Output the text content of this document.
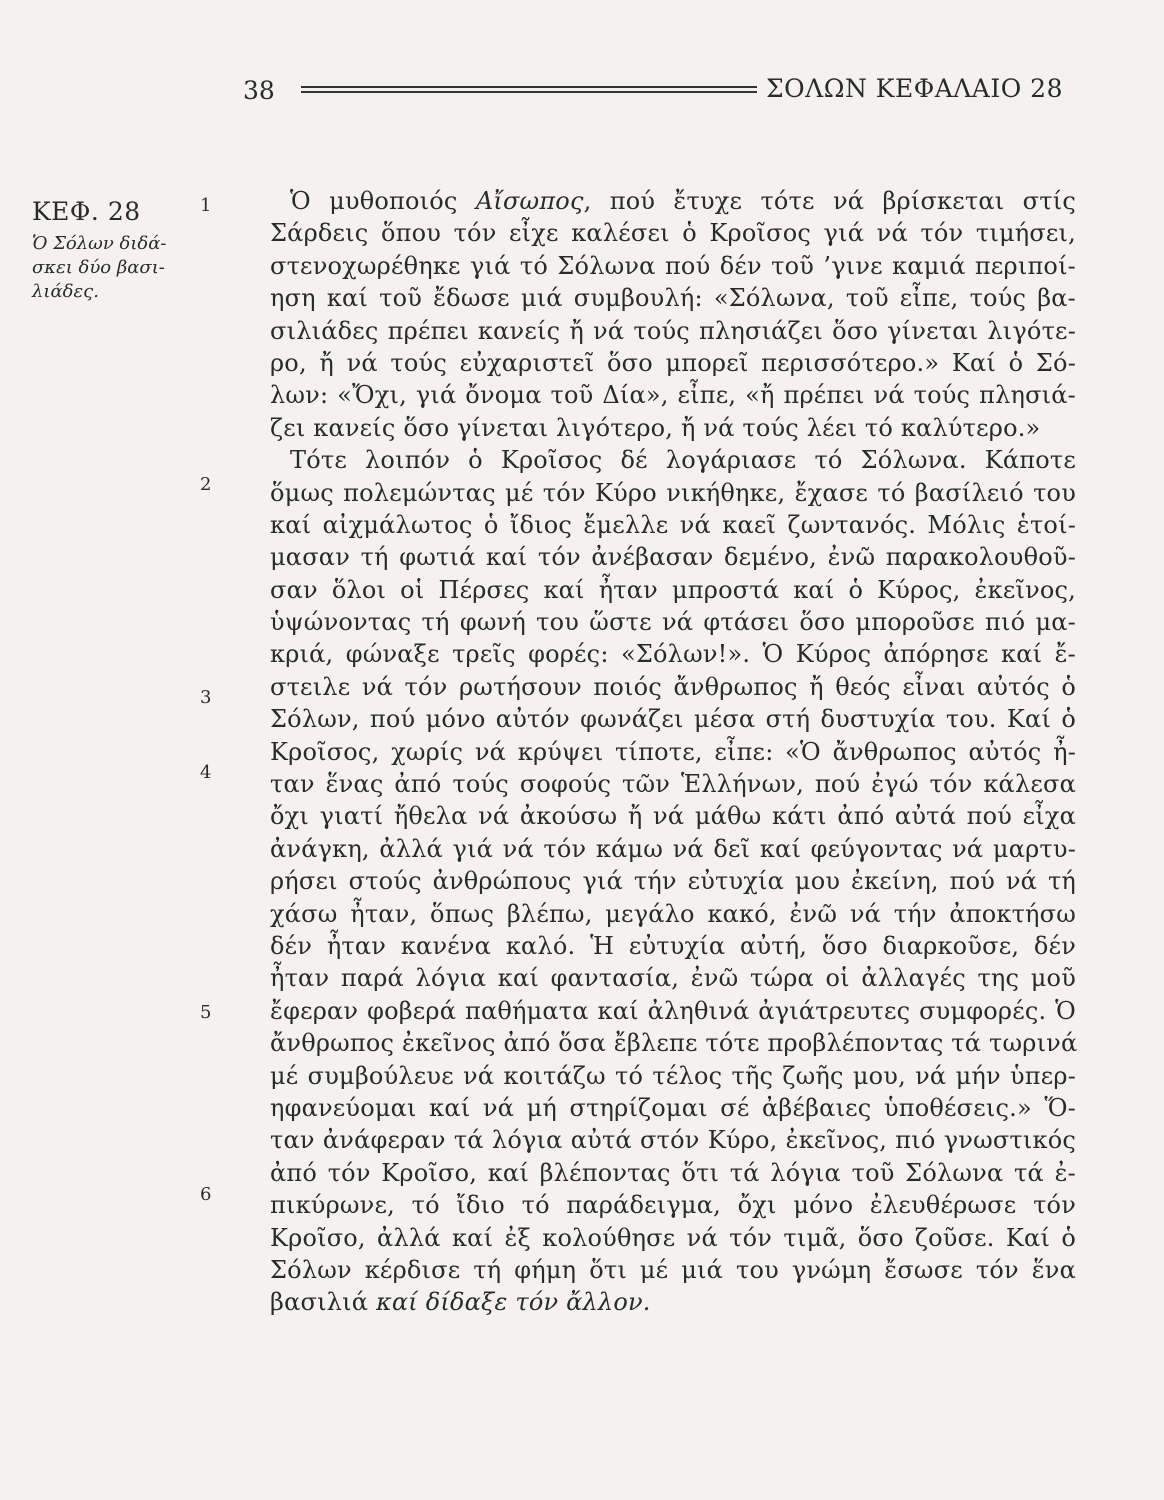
38	ΣΟΛΩΝ ΚΕΦΑΛΑΙΟ 28

ΚΕΦ. 28

Ὁ Σόλων διδά- σκει δύο βασι- λιάδες.

1
2
3
4
5
6
Ὁ μυθοποιός Αἴσωπος, πού ἔτυχε τότε νά βρίσκεται στίς
Σάρδεις ὅπου τόν εἶχε καλέσει ὁ Κροῖσος γιά νά τόν τιμήσει,
στενοχωρέθηκε γιά τό Σόλωνα πού δέν τοῦ ’γινε καμιά περιποί-
ηση καί τοῦ ἔδωσε μιά συμβουλή: «Σόλωνα, τοῦ εἶπε, τούς βα-
σιλιάδες πρέπει κανείς ἤ νά τούς πλησιάζει ὅσο γίνεται λιγότε-
ρο, ἤ νά τούς εὐχαριστεῖ ὅσο μπορεῖ περισσότερο.» Καί ὁ Σό-
λων: «Ὄχι, γιά ὄνομα τοῦ Δία», εἶπε, «ἤ πρέπει νά τούς πλησιά-
ζει κανείς ὅσο γίνεται λιγότερο, ἤ νά τούς λέει τό καλύτερο.»
Τότε λοιπόν ὁ Κροῖσος δέ λογάριασε τό Σόλωνα. Κάποτε
ὅμως πολεμώντας μέ τόν Κύρο νικήθηκε, ἔχασε τό βασίλειό του
καί αἰχμάλωτος ὁ ἴδιος ἔμελλε νά καεῖ ζωντανός. Μόλις ἑτοί-
μασαν τή φωτιά καί τόν ἀνέβασαν δεμένο, ἐνῶ παρακολουθοῦ-
σαν ὅλοι οἱ Πέρσες καί ἦταν μπροστά καί ὁ Κύρος, ἐκεῖνος,
ὑψώνοντας τή φωνή του ὥστε νά φτάσει ὅσο μποροῦσε πιό μα-
κριά, φώναξε τρεῖς φορές: «Σόλων!». Ὁ Κύρος ἀπόρησε καί ἔ-
στειλε νά τόν ρωτήσουν ποιός ἄνθρωπος ἤ θεός εἶναι αὐτός ὁ
Σόλων, πού μόνο αὐτόν φωνάζει μέσα στή δυστυχία του. Καί ὁ
Κροῖσος, χωρίς νά κρύψει τίποτε, εἶπε: «Ὁ ἄνθρωπος αὐτός ἦ-
ταν ἕνας ἀπό τούς σοφούς τῶν Ἑλλήνων, πού ἐγώ τόν κάλεσα
ὄχι γιατί ἤθελα νά ἀκούσω ἤ νά μάθω κάτι ἀπό αὐτά πού εἶχα
ἀνάγκη, ἀλλά γιά νά τόν κάμω νά δεῖ καί φεύγοντας νά μαρτυ-
ρήσει στούς ἀνθρώπους γιά τήν εὐτυχία μου ἐκείνη, πού νά τή
χάσω ἦταν, ὅπως βλέπω, μεγάλο κακό, ἐνῶ νά τήν ἀποκτήσω
δέν ἦταν κανένα καλό. Ἡ εὐτυχία αὐτή, ὅσο διαρκοῦσε, δέν
ἦταν παρά λόγια καί φαντασία, ἐνῶ τώρα οἱ ἀλλαγές της μοῦ
ἔφεραν φοβερά παθήματα καί ἀληθινά ἀγιάτρευτες συμφορές. Ὁ
ἄνθρωπος ἐκεῖνος ἀπό ὅσα ἔβλεπε τότε προβλέποντας τά τωρινά
μέ συμβούλευε νά κοιτάζω τό τέλος τῆς ζωῆς μου, νά μήν ὑπερ-
ηφανεύομαι καί νά μή στηρίζομαι σέ ἀβέβαιες ὑποθέσεις.» Ὅ-
ταν ἀνάφεραν τά λόγια αὐτά στόν Κύρο, ἐκεῖνος, πιό γνωστικός
ἀπό τόν Κροῖσο, καί βλέποντας ὅτι τά λόγια τοῦ Σόλωνα τά ἐ-
πικύρωνε, τό ἴδιο τό παράδειγμα, ὄχι μόνο ἐλευθέρωσε τόν
Κροῖσο, ἀλλά καί ἐξ κολούθησε νά τόν τιμᾶ, ὅσο ζοῦσε. Καί ὁ
Σόλων κέρδισε τή φήμη ὅτι μέ μιά του γνώμη ἔσωσε τόν ἕνα
βασιλιά καί δίδαξε τόν ἄλλον.
